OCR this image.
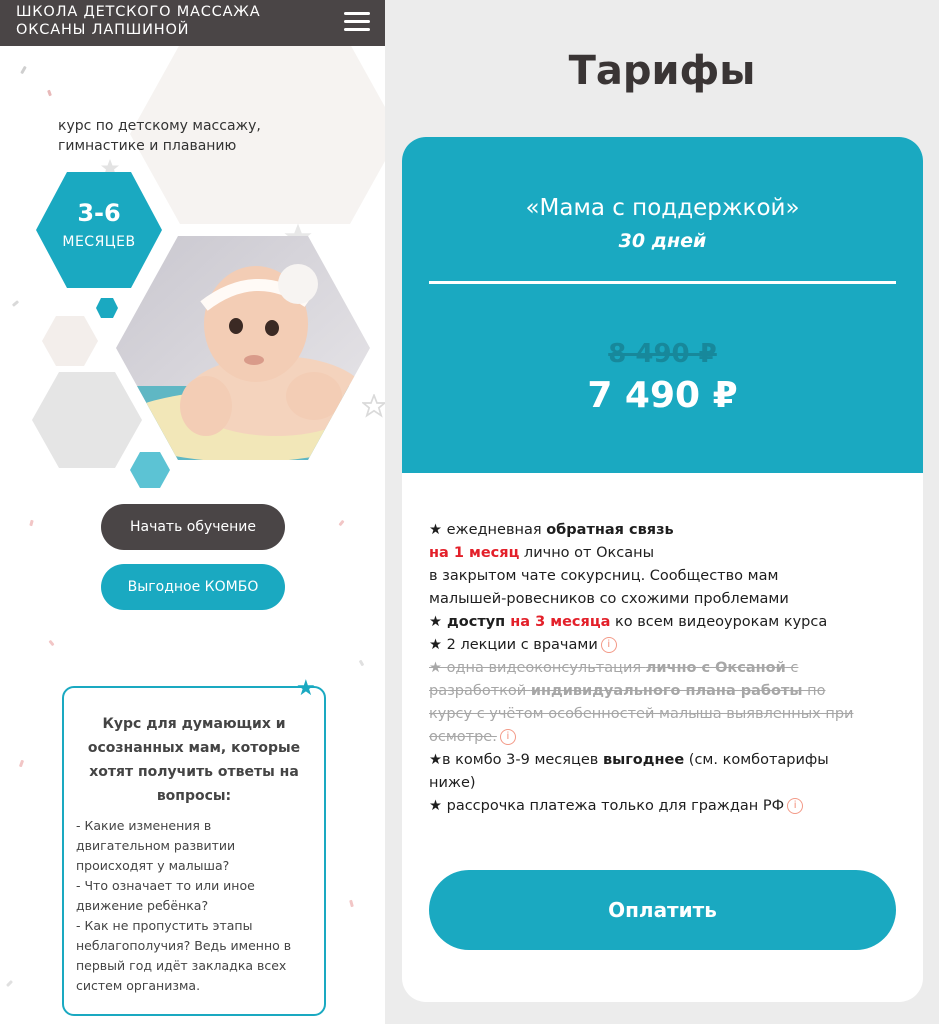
ШКОЛА ДЕТСКОГО МАССАЖА
ОКСАНЫ ЛАПШИНОЙ
курс по детскому массажу,
гимнастике и плаванию
3-6
МЕСЯЦЕВ
Начать обучение
Выгодное КОМБО
★
Курс для думающих и
осознанных мам, которые
хотят получить ответы на
вопросы:
- Какие изменения в
двигательном развитии
происходят у малыша?
- Что означает то или иное
движение ребёнка?
- Как не пропустить этапы
неблагополучия? Ведь именно в
первый год идёт закладка всех
систем организма.
Тарифы
«Мама с поддержкой»
30 дней
8 490 ₽
7 490 ₽
★ ежедневная обратная связь
на 1 месяц лично от Оксаны
в закрытом чате сокурсниц. Сообщество мам
малышей-ровесников со схожими проблемами
★ доступ на 3 месяца ко всем видеоурокам курса
★ 2 лекции с врачами i
★ одна видеоконсультация лично с Оксаной с
разработкой индивидуального плана работы по
курсу с учётом особенностей малыша выявленных при
осмотре. i
★в комбо 3-9 месяцев выгоднее (см. комботарифы
ниже)
★ рассрочка платежа только для граждан РФ i
Оплатить
